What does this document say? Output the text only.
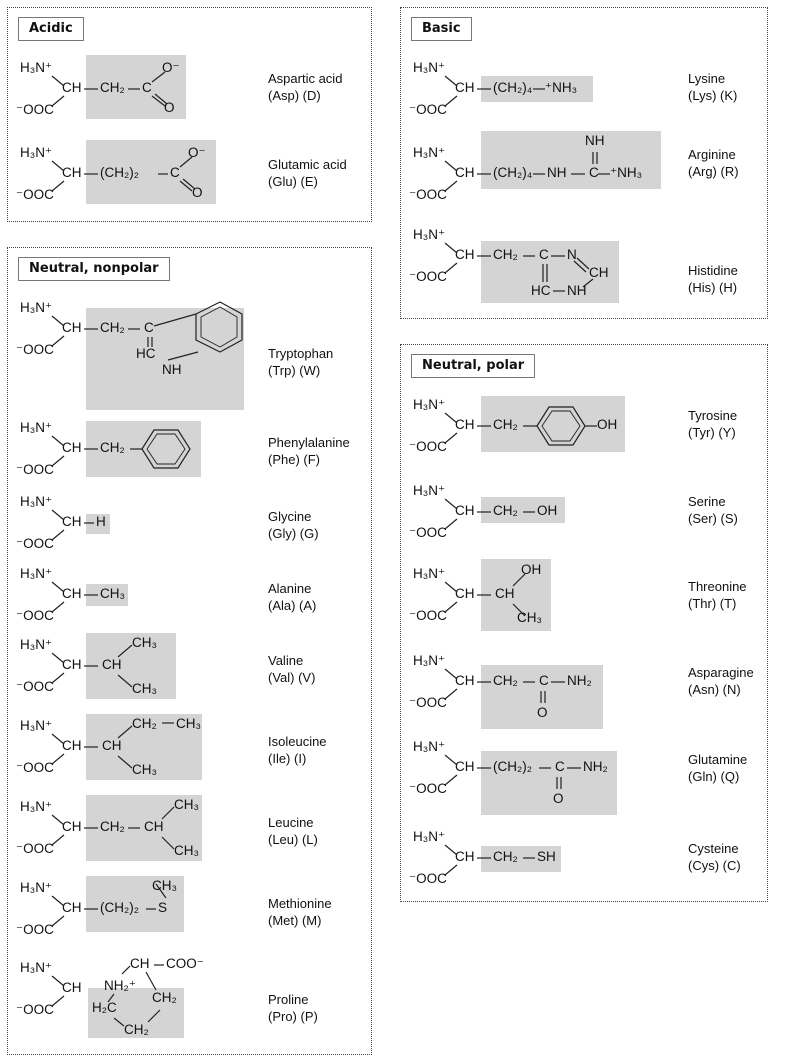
Acidic	Basic
Neutral, nonpolar
Neutral, polar
H₃N⁺
CH
⁻OOC
CH₂ C
O⁻
O
Aspartic acid
(Asp) (D)
H₃N⁺
CH
⁻OOC
(CH₂)₂ C
O⁻
O
Glutamic acid
(Glu) (E)
H₃N⁺
CH
⁻OOC
(CH₂)₄ ⁺NH₃
Lysine
(Lys) (K)
H₃N⁺
CH
⁻OOC
(CH₂)₄ NH C ⁺NH₃
NH
Arginine
(Arg) (R)
H₃N⁺
CH
⁻OOC
CH₂ C N
CH
HC NH
Histidine
(His) (H)
H₃N⁺
CH
⁻OOC
CH₂ C
HC
NH
Tryptophan
(Trp) (W)
H₃N⁺
CH
⁻OOC
CH₂	Phenylalanine
(Phe) (F)
H₃N⁺
CH
⁻OOC
H	Glycine
(Gly) (G)
H₃N⁺
CH
⁻OOC
CH₃	Alanine
(Ala) (A)
H₃N⁺
CH
⁻OOC
CH
CH₃
CH₃
Valine
(Val) (V)
H₃N⁺
CH
⁻OOC
CH
CH₂ CH₃
CH₃
Isoleucine
(Ile) (I)
H₃N⁺
CH
⁻OOC
CH₂ CH
CH₃
CH₃
Leucine
(Leu) (L)
H₃N⁺
CH
⁻OOC
(CH₂)₂ S
CH₃
Methionine
(Met) (M)
H₃N⁺
CH
⁻OOC
NH₂⁺
CH COO⁻
CH₂
H₂C
CH₂
Proline
(Pro) (P)
H₃N⁺
CH
⁻OOC
CH₂	OH
Tyrosine
(Tyr) (Y)
H₃N⁺
CH
⁻OOC
CH₂ OH
Serine
(Ser) (S)
H₃N⁺
CH
⁻OOC
CH
OH
CH₃
Threonine
(Thr) (T)
H₃N⁺
CH
⁻OOC
CH₂ C NH₂
O
Asparagine
(Asn) (N)
H₃N⁺
CH
⁻OOC
(CH₂)₂ C NH₂
O
Glutamine
(Gln) (Q)
H₃N⁺
CH
⁻OOC
CH₂ SH
Cysteine
(Cys) (C)
